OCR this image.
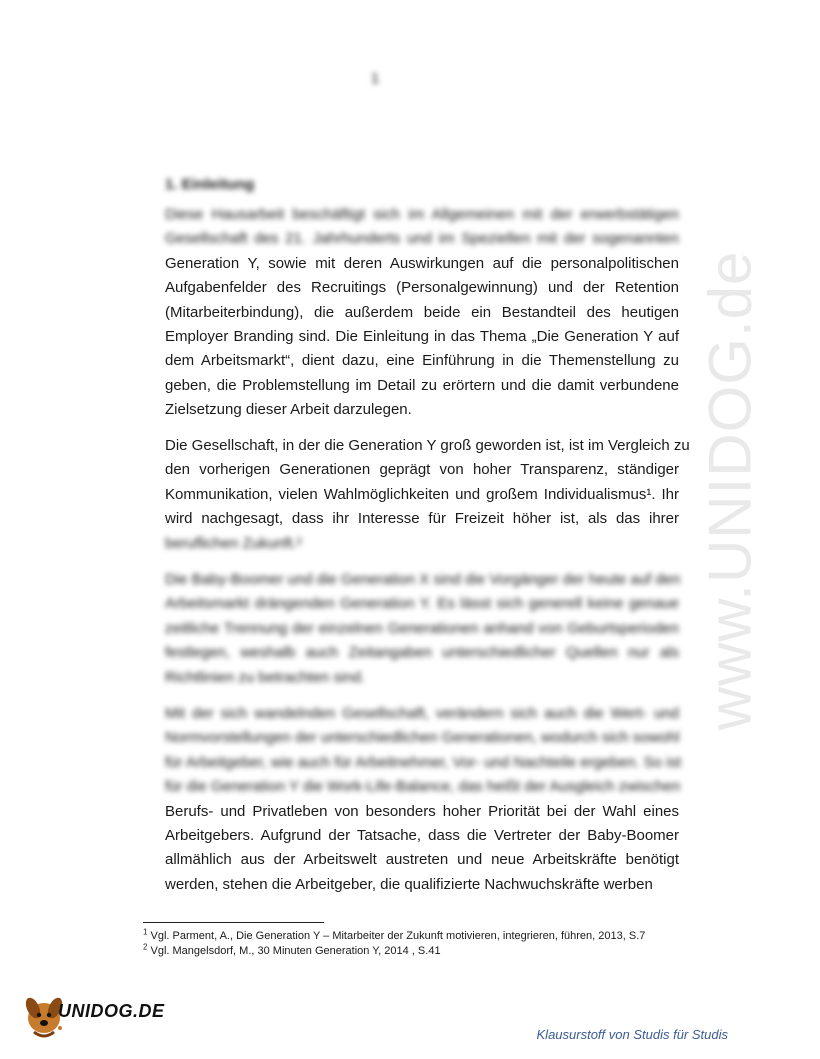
www.UNIDOG.de
1
1. Einleitung
Diese Hausarbeit beschäftigt sich im Allgemeinen mit der erwerbstätigen
Gesellschaft des 21. Jahrhunderts und im Speziellen mit der sogenannten
Generation Y, sowie mit deren Auswirkungen auf die personalpolitischen
Aufgabenfelder des Recruitings (Personalgewinnung) und der Retention
(Mitarbeiterbindung), die außerdem beide ein Bestandteil des heutigen
Employer Branding sind. Die Einleitung in das Thema „Die Generation Y auf
dem Arbeitsmarkt“, dient dazu, eine Einführung in die Themenstellung zu
geben, die Problemstellung im Detail zu erörtern und die damit verbundene
Zielsetzung dieser Arbeit darzulegen.
Die Gesellschaft, in der die Generation Y groß geworden ist, ist im Vergleich zu
den vorherigen Generationen geprägt von hoher Transparenz, ständiger
Kommunikation, vielen Wahlmöglichkeiten und großem Individualismus¹. Ihr
wird nachgesagt, dass ihr Interesse für Freizeit höher ist, als das ihrer
beruflichen Zukunft.²
Die Baby-Boomer und die Generation X sind die Vorgänger der heute auf den
Arbeitsmarkt drängenden Generation Y. Es lässt sich generell keine genaue
zeitliche Trennung der einzelnen Generationen anhand von Geburtsperioden
festlegen, weshalb auch Zeitangaben unterschiedlicher Quellen nur als
Richtlinien zu betrachten sind.
Mit der sich wandelnden Gesellschaft, verändern sich auch die Wert- und
Normvorstellungen der unterschiedlichen Generationen, wodurch sich sowohl
für Arbeitgeber, wie auch für Arbeitnehmer, Vor- und Nachteile ergeben. So ist
für die Generation Y die Work-Life-Balance, das heißt der Ausgleich zwischen
Berufs- und Privatleben von besonders hoher Priorität bei der Wahl eines
Arbeitgebers. Aufgrund der Tatsache, dass die Vertreter der Baby-Boomer
allmählich aus der Arbeitswelt austreten und neue Arbeitskräfte benötigt
werden, stehen die Arbeitgeber, die qualifizierte Nachwuchskräfte werben

$^1$ Vgl. Parment, A., Die Generation Y – Mitarbeiter der Zukunft motivieren, integrieren, führen, 2013, S.7

$^2$ Vgl. Mangelsdorf, M., 30 Minuten Generation Y, 2014 , S.41

UNIDOG.DE
Klausurstoff von Studis für Studis
